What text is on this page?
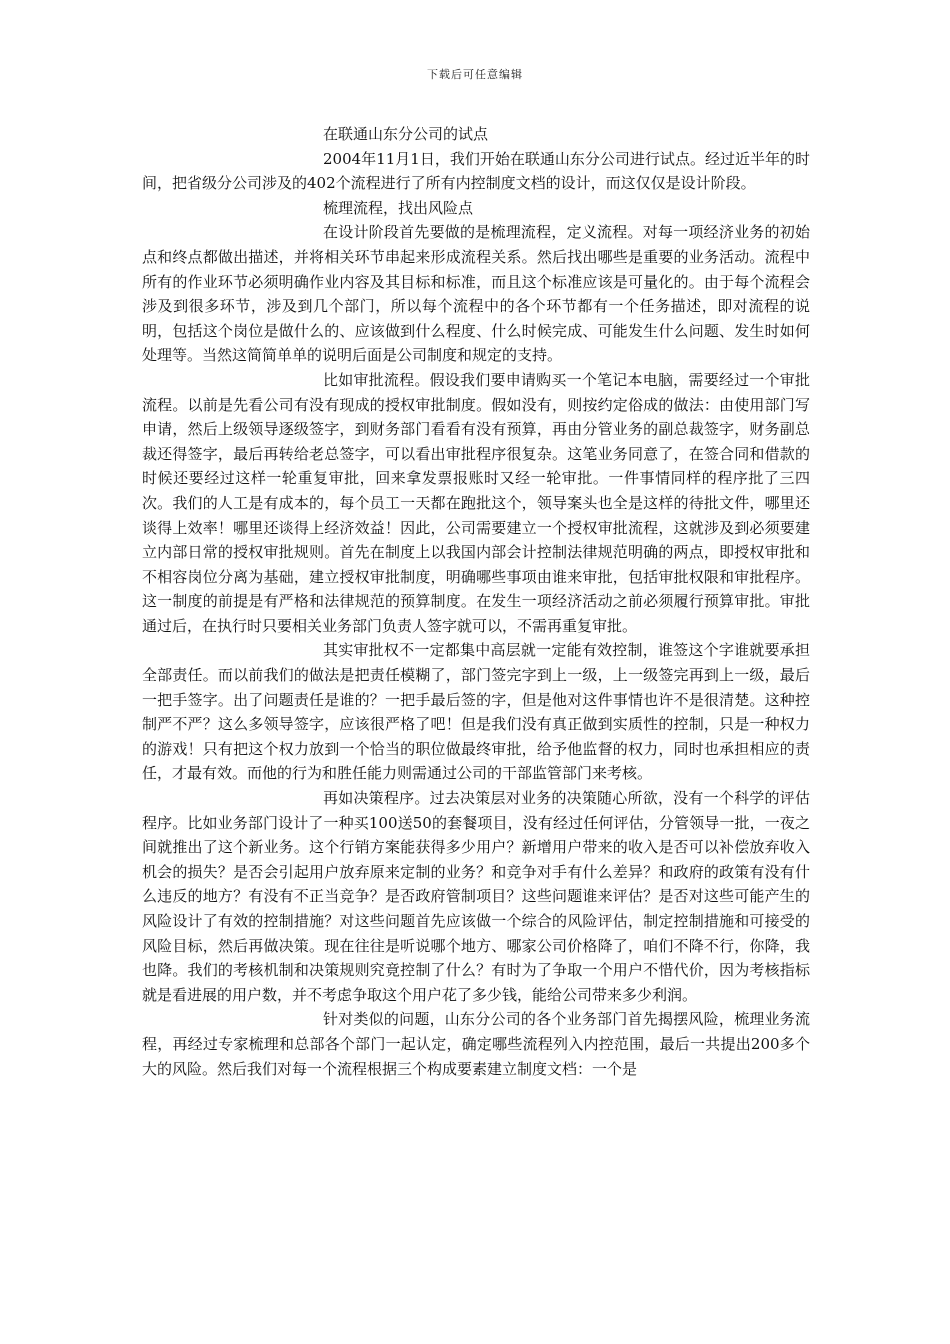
下载后可任意编辑

在联通山东分公司的试点

2004年11月1日，我们开始在联通山东分公司进行试点。经过近半年的时间，把省级分公司涉及的402个流程进行了所有内控制度文档的设计，而这仅仅是设计阶段。

梳理流程，找出风险点

在设计阶段首先要做的是梳理流程，定义流程。对每一项经济业务的初始点和终点都做出描述，并将相关环节串起来形成流程关系。然后找出哪些是重要的业务活动。流程中所有的作业环节必须明确作业内容及其目标和标准，而且这个标准应该是可量化的。由于每个流程会涉及到很多环节，涉及到几个部门，所以每个流程中的各个环节都有一个任务描述，即对流程的说明，包括这个岗位是做什么的、应该做到什么程度、什么时候完成、可能发生什么问题、发生时如何处理等。当然这简简单单的说明后面是公司制度和规定的支持。

比如审批流程。假设我们要申请购买一个笔记本电脑，需要经过一个审批流程。以前是先看公司有没有现成的授权审批制度。假如没有，则按约定俗成的做法：由使用部门写申请，然后上级领导逐级签字，到财务部门看看有没有预算，再由分管业务的副总裁签字，财务副总裁还得签字，最后再转给老总签字，可以看出审批程序很复杂。这笔业务同意了，在签合同和借款的时候还要经过这样一轮重复审批，回来拿发票报账时又经一轮审批。一件事情同样的程序批了三四次。我们的人工是有成本的，每个员工一天都在跑批这个，领导案头也全是这样的待批文件，哪里还谈得上效率！哪里还谈得上经济效益！因此，公司需要建立一个授权审批流程，这就涉及到必须要建立内部日常的授权审批规则。首先在制度上以我国内部会计控制法律规范明确的两点，即授权审批和不相容岗位分离为基础，建立授权审批制度，明确哪些事项由谁来审批，包括审批权限和审批程序。这一制度的前提是有严格和法律规范的预算制度。在发生一项经济活动之前必须履行预算审批。审批通过后，在执行时只要相关业务部门负责人签字就可以，不需再重复审批。

其实审批权不一定都集中高层就一定能有效控制，谁签这个字谁就要承担全部责任。而以前我们的做法是把责任模糊了，部门签完字到上一级，上一级签完再到上一级，最后一把手签字。出了问题责任是谁的？一把手最后签的字，但是他对这件事情也许不是很清楚。这种控制严不严？这么多领导签字，应该很严格了吧！但是我们没有真正做到实质性的控制，只是一种权力的游戏！只有把这个权力放到一个恰当的职位做最终审批，给予他监督的权力，同时也承担相应的责任，才最有效。而他的行为和胜任能力则需通过公司的干部监管部门来考核。

再如决策程序。过去决策层对业务的决策随心所欲，没有一个科学的评估程序。比如业务部门设计了一种买100送50的套餐项目，没有经过任何评估，分管领导一批，一夜之间就推出了这个新业务。这个行销方案能获得多少用户？新增用户带来的收入是否可以补偿放弃收入机会的损失？是否会引起用户放弃原来定制的业务？和竞争对手有什么差异？和政府的政策有没有什么违反的地方？有没有不正当竞争？是否政府管制项目？这些问题谁来评估？是否对这些可能产生的风险设计了有效的控制措施？对这些问题首先应该做一个综合的风险评估，制定控制措施和可接受的风险目标，然后再做决策。现在往往是听说哪个地方、哪家公司价格降了，咱们不降不行，你降，我也降。我们的考核机制和决策规则究竟控制了什么？有时为了争取一个用户不惜代价，因为考核指标就是看进展的用户数，并不考虑争取这个用户花了多少钱，能给公司带来多少利润。

针对类似的问题，山东分公司的各个业务部门首先揭摆风险，梳理业务流程，再经过专家梳理和总部各个部门一起认定，确定哪些流程列入内控范围，最后一共提出200多个大的风险。然后我们对每一个流程根据三个构成要素建立制度文档：一个是
